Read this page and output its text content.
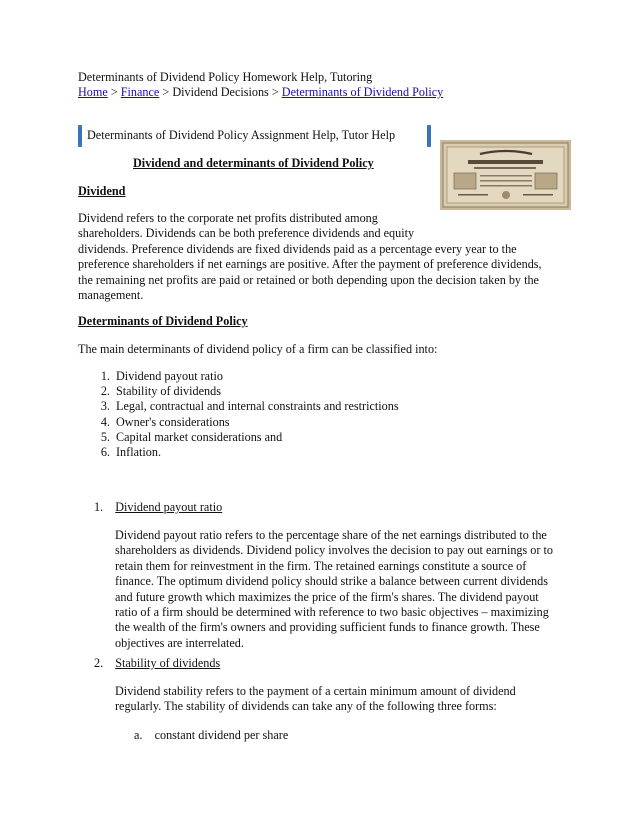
Determinants of Dividend Policy Homework Help, Tutoring

Home > Finance > Dividend Decisions > Determinants of Dividend Policy

Determinants of Dividend Policy Assignment Help, Tutor Help

Dividend and determinants of Dividend Policy

Dividend

Dividend refers to the corporate net profits distributed among

shareholders. Dividends can be both preference dividends and equity

dividends. Preference dividends are fixed dividends paid as a percentage every year to the

preference shareholders if net earnings are positive. After the payment of preference dividends,

the remaining net profits are paid or retained or both depending upon the decision taken by the

management.

Determinants of Dividend Policy

The main determinants of dividend policy of a firm can be classified into:

1. Dividend payout ratio
2. Stability of dividends
3. Legal, contractual and internal constraints and restrictions
4. Owner's considerations
5. Capital market considerations and
6. Inflation.

1. Dividend payout ratio

Dividend payout ratio refers to the percentage share of the net earnings distributed to the

shareholders as dividends. Dividend policy involves the decision to pay out earnings or to

retain them for reinvestment in the firm. The retained earnings constitute a source of

finance. The optimum dividend policy should strike a balance between current dividends

and future growth which maximizes the price of the firm's shares. The dividend payout

ratio of a firm should be determined with reference to two basic objectives – maximizing

the wealth of the firm's owners and providing sufficient funds to finance growth. These

objectives are interrelated.

2. Stability of dividends

Dividend stability refers to the payment of a certain minimum amount of dividend

regularly. The stability of dividends can take any of the following three forms:

a. constant dividend per share
